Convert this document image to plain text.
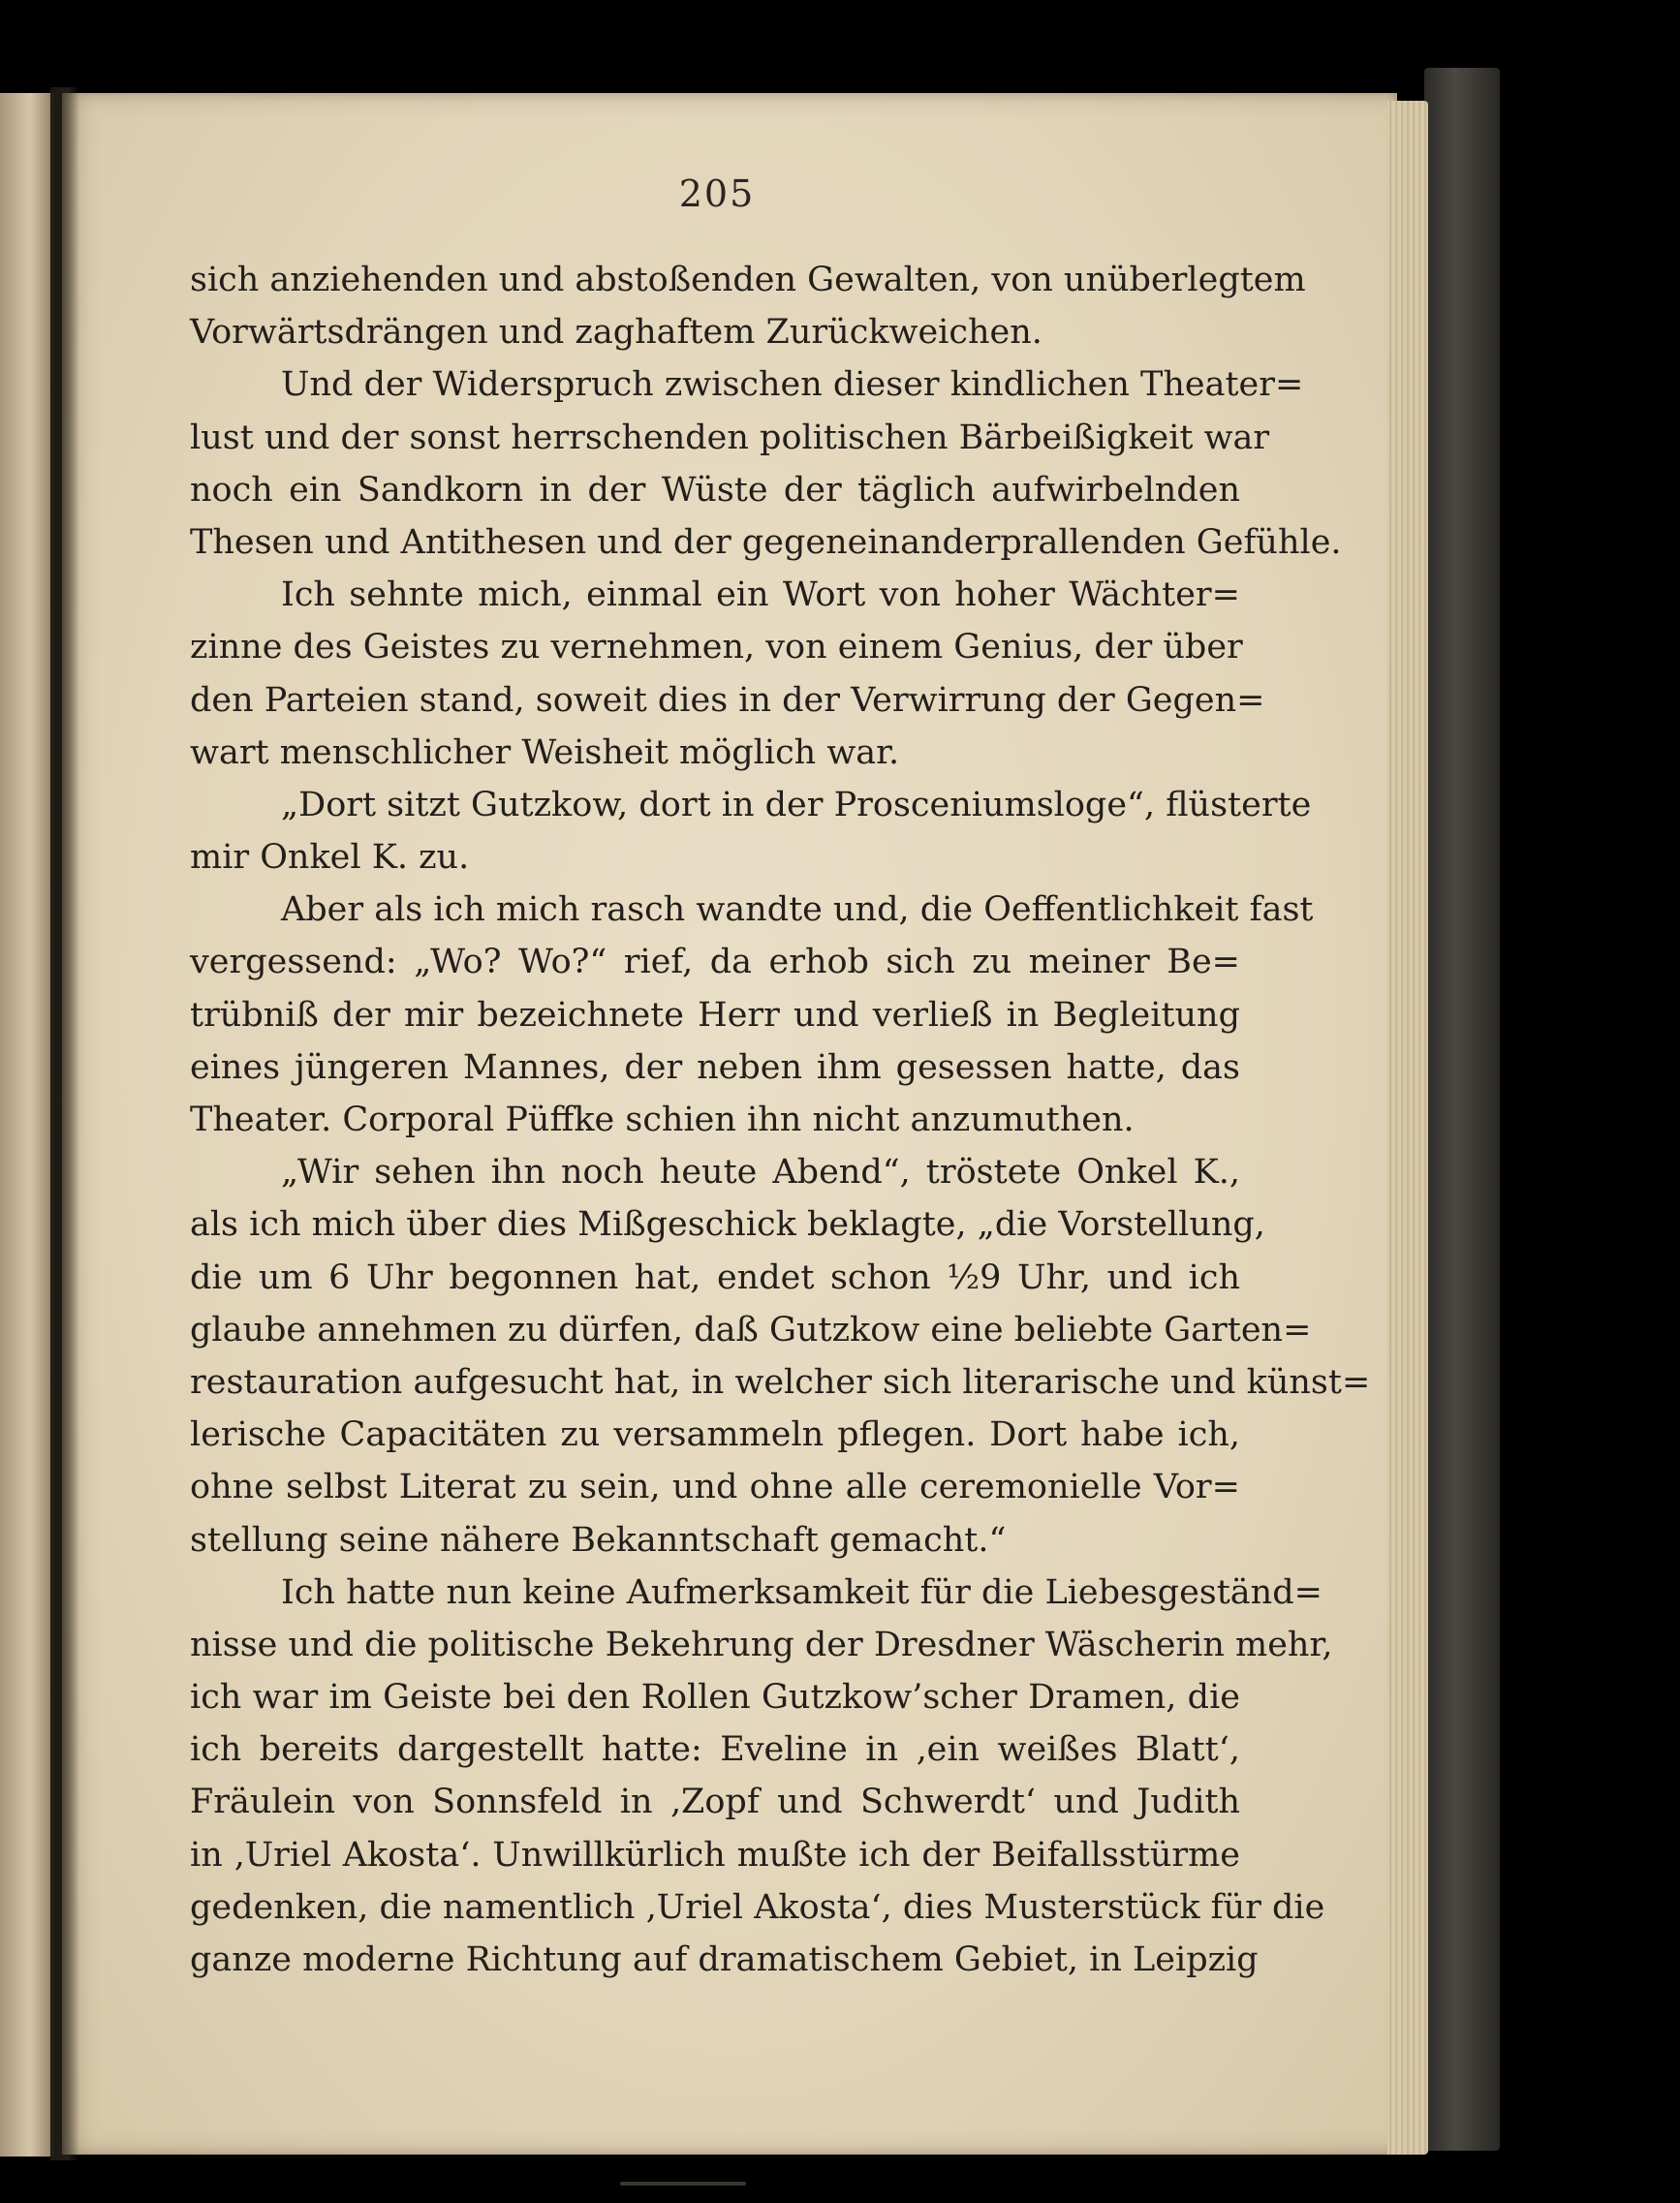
205
sich anziehenden und abstoßenden Gewalten, von unüberlegtem
Vorwärtsdrängen und zaghaftem Zurückweichen.
Und der Widerspruch zwischen dieser kindlichen Theater=
lust und der sonst herrschenden politischen Bärbeißigkeit war
noch ein Sandkorn in der Wüste der täglich aufwirbelnden
Thesen und Antithesen und der gegeneinanderprallenden Gefühle.
Ich sehnte mich, einmal ein Wort von hoher Wächter=
zinne des Geistes zu vernehmen, von einem Genius, der über
den Parteien stand, soweit dies in der Verwirrung der Gegen=
wart menschlicher Weisheit möglich war.
„Dort sitzt Gutzkow, dort in der Prosceniumsloge“, flüsterte
mir Onkel K. zu.
Aber als ich mich rasch wandte und, die Oeffentlichkeit fast
vergessend: „Wo? Wo?“ rief, da erhob sich zu meiner Be=
trübniß der mir bezeichnete Herr und verließ in Begleitung
eines jüngeren Mannes, der neben ihm gesessen hatte, das
Theater. Corporal Püffke schien ihn nicht anzumuthen.
„Wir sehen ihn noch heute Abend“, tröstete Onkel K.,
als ich mich über dies Mißgeschick beklagte, „die Vorstellung,
die um 6 Uhr begonnen hat, endet schon ½9 Uhr, und ich
glaube annehmen zu dürfen, daß Gutzkow eine beliebte Garten=
restauration aufgesucht hat, in welcher sich literarische und künst=
lerische Capacitäten zu versammeln pflegen. Dort habe ich,
ohne selbst Literat zu sein, und ohne alle ceremonielle Vor=
stellung seine nähere Bekanntschaft gemacht.“
Ich hatte nun keine Aufmerksamkeit für die Liebesgeständ=
nisse und die politische Bekehrung der Dresdner Wäscherin mehr,
ich war im Geiste bei den Rollen Gutzkow’scher Dramen, die
ich bereits dargestellt hatte: Eveline in ‚ein weißes Blatt‘,
Fräulein von Sonnsfeld in ‚Zopf und Schwerdt‘ und Judith
in ‚Uriel Akosta‘. Unwillkürlich mußte ich der Beifallsstürme
gedenken, die namentlich ‚Uriel Akosta‘, dies Musterstück für die
ganze moderne Richtung auf dramatischem Gebiet, in Leipzig
